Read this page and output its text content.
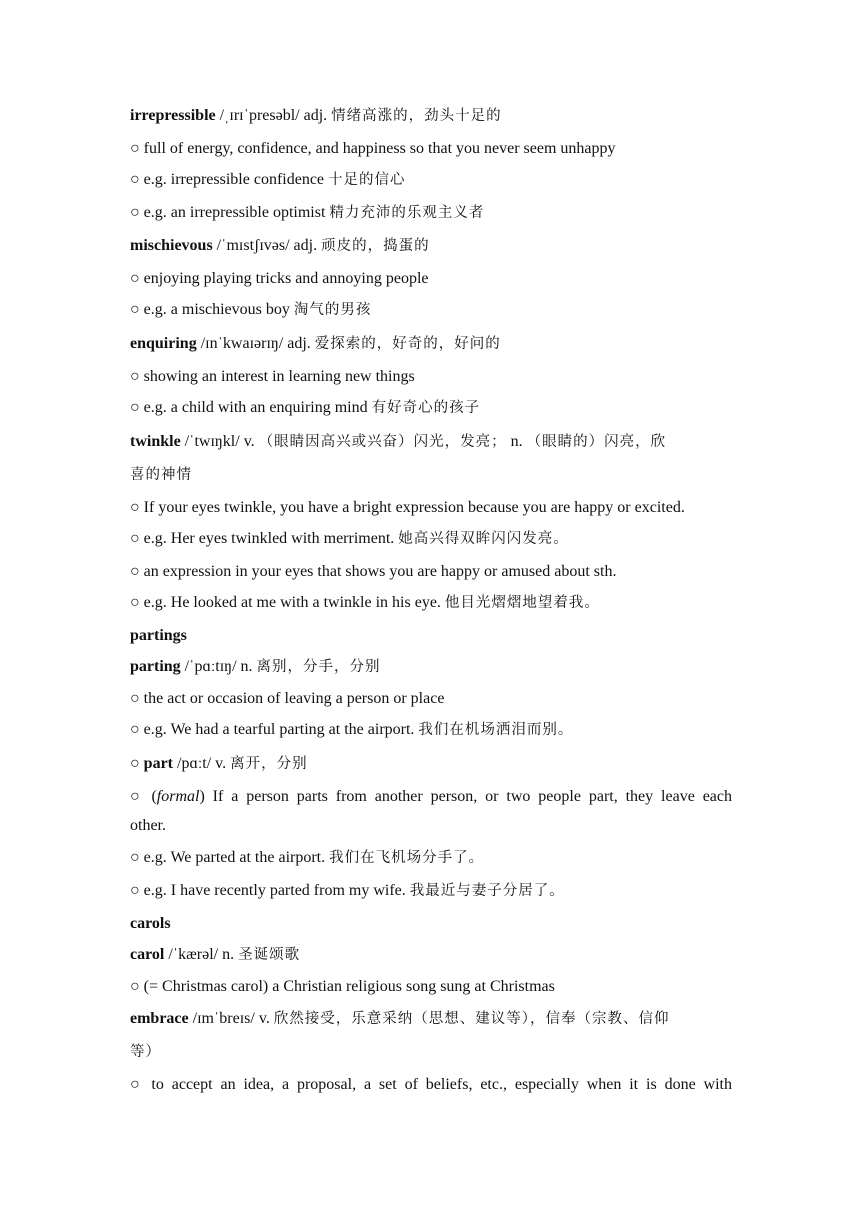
irrepressible /ˌɪrɪˈpresəbl/ adj. 情绪高涨的，劲头十足的
○ full of energy, confidence, and happiness so that you never seem unhappy
○ e.g. irrepressible confidence 十足的信心
○ e.g. an irrepressible optimist 精力充沛的乐观主义者
mischievous /ˈmɪstʃɪvəs/ adj. 顽皮的，捣蛋的
○ enjoying playing tricks and annoying people
○ e.g. a mischievous boy 淘气的男孩
enquiring /ɪnˈkwaɪərɪŋ/ adj. 爱探索的，好奇的，好问的
○ showing an interest in learning new things
○ e.g. a child with an enquiring mind 有好奇心的孩子
twinkle /ˈtwɪŋkl/ v. （眼睛因高兴或兴奋）闪光，发亮； n. （眼睛的）闪亮，欣
喜的神情
○ If your eyes twinkle, you have a bright expression because you are happy or excited.
○ e.g. Her eyes twinkled with merriment. 她高兴得双眸闪闪发亮。
○ an expression in your eyes that shows you are happy or amused about sth.
○ e.g. He looked at me with a twinkle in his eye. 他目光熠熠地望着我。
partings
parting /ˈpɑːtɪŋ/ n. 离别，分手，分别
○ the act or occasion of leaving a person or place
○ e.g. We had a tearful parting at the airport. 我们在机场洒泪而别。
○ part /pɑːt/ v. 离开，分别
○ (formal) If a person parts from another person, or two people part, they leave each
other.
○ e.g. We parted at the airport. 我们在飞机场分手了。
○ e.g. I have recently parted from my wife. 我最近与妻子分居了。
carols
carol /ˈkærəl/ n. 圣诞颂歌
○ (= Christmas carol) a Christian religious song sung at Christmas
embrace /ɪmˈbreɪs/ v. 欣然接受，乐意采纳（思想、建议等），信奉（宗教、信仰
等）
○ to accept an idea, a proposal, a set of beliefs, etc., especially when it is done with
